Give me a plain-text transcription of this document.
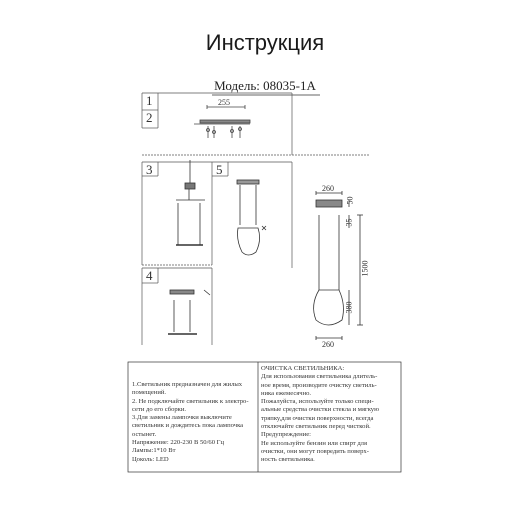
Инструкция
Модель: 08035-1А
1
2
3	5
4
255
260
50
35
1500
380
260
1.Светильник предназначен для жилых
помещений.
2. Не подключайте светильник к электро-
сети до его сборки.
3.Для замены лампочки выключите
светильник и дождитесь пока лампочка
остынет.
Напряжение: 220-230 В 50/60 Гц
Лампы:1*10 Вт
Цоколь: LED
ОЧИСТКА СВЕТИЛЬНИКА:
Для использования светильника длитель-
ное время, производите очистку светиль-
ника ежемесячно.
Пожалуйста, используйте только специ-
альные средства очистки стекла и мягкую
тряпку,для очистки поверхности, всегда
отключайте светильник перед чисткой.
Предупреждение:
Не используйте бензин или спирт для
очистки, они могут повредить поверх-
ность светильника.
